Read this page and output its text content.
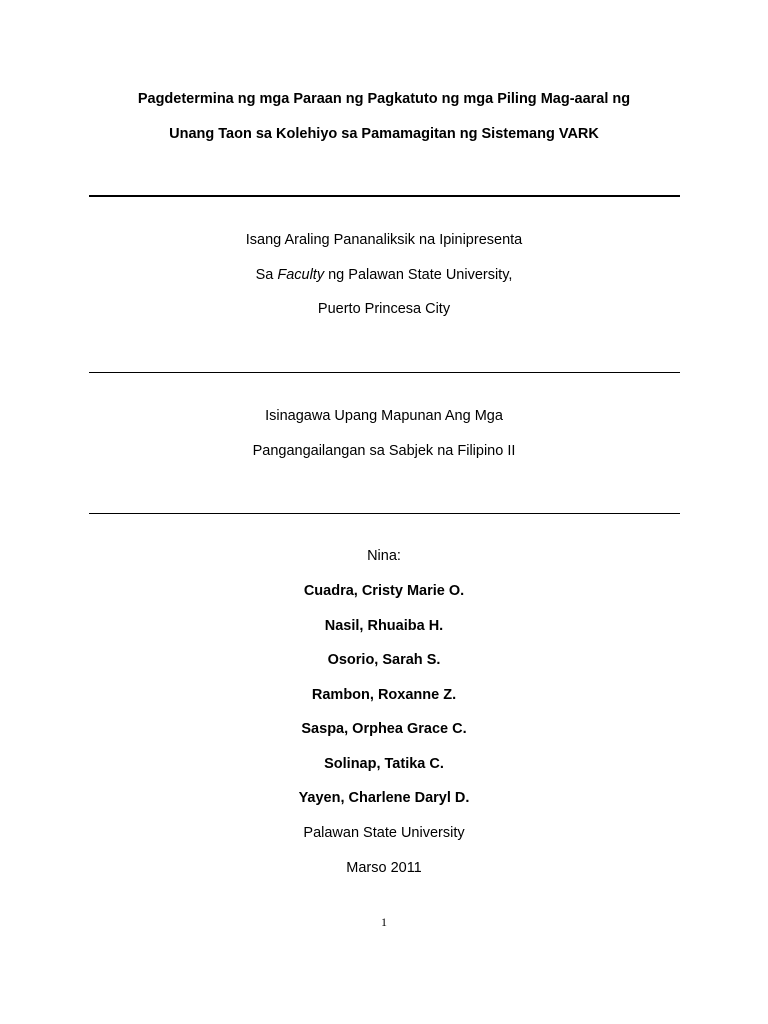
Pagdetermina ng mga Paraan ng Pagkatuto ng mga Piling Mag-aaral ng
Unang Taon sa Kolehiyo sa Pamamagitan ng Sistemang VARK
Isang Araling Pananaliksik na Ipinipresenta
Sa Faculty ng Palawan State University,
Puerto Princesa City
Isinagawa Upang Mapunan Ang Mga
Pangangailangan sa Sabjek na Filipino II
Nina:
Cuadra, Cristy Marie O.
Nasil, Rhuaiba H.
Osorio, Sarah S.
Rambon, Roxanne Z.
Saspa, Orphea Grace C.
Solinap, Tatika C.
Yayen, Charlene Daryl D.
Palawan State University
Marso 2011
1
